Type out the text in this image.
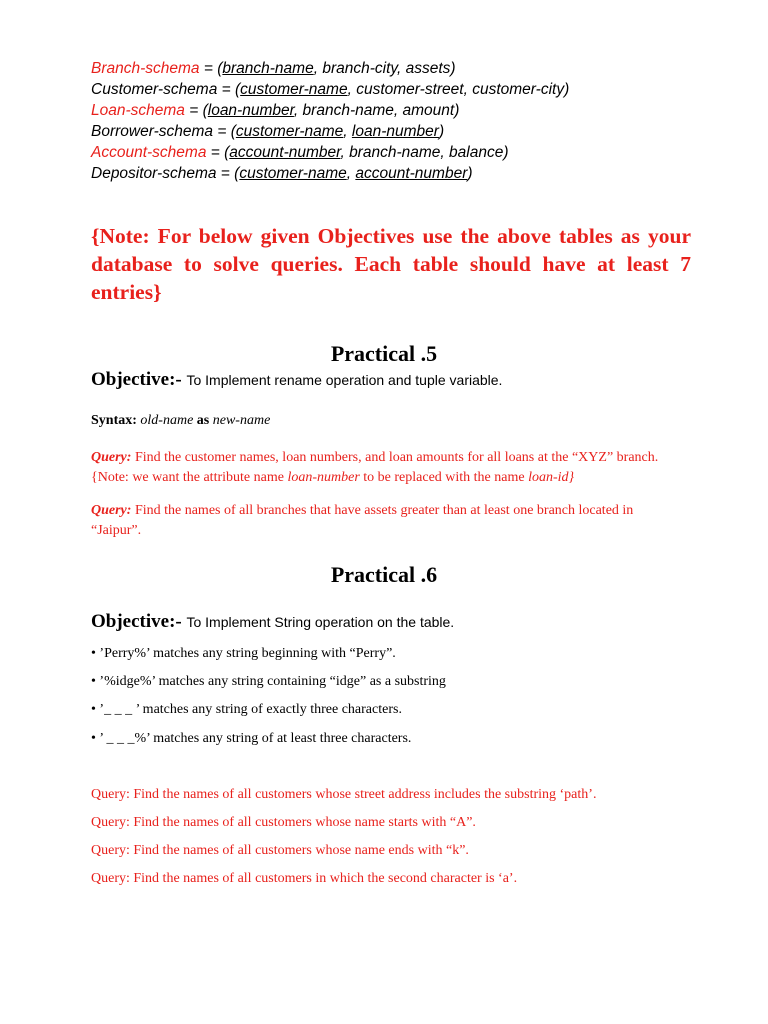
Branch-schema = (branch-name, branch-city, assets)
Customer-schema = (customer-name, customer-street, customer-city)
Loan-schema = (loan-number, branch-name, amount)
Borrower-schema = (customer-name, loan-number)
Account-schema = (account-number, branch-name, balance)
Depositor-schema = (customer-name, account-number)
{Note: For below given Objectives use the above tables as your database to solve queries. Each table should have at least 7 entries}
Practical .5
Objective:- To Implement rename operation and tuple variable.
Syntax: old-name as new-name
Query: Find the customer names, loan numbers, and loan amounts for all loans at the “XYZ” branch. {Note: we want the attribute name loan-number to be replaced with the name loan-id}
Query: Find the names of all branches that have assets greater than at least one branch located in “Jaipur”.
Practical .6
Objective:- To Implement String operation on the table.
• ’Perry%’ matches any string beginning with “Perry”.
• ’%idge%’ matches any string containing “idge” as a substring
• ’_ _ _ ’ matches any string of exactly three characters.
• ’ _ _ _%’ matches any string of at least three characters.
Query: Find the names of all customers whose street address includes the substring ‘path’.
Query: Find the names of all customers whose name starts with “A”.
Query: Find the names of all customers whose name ends with “k”.
Query: Find the names of all customers in which the second character is ‘a’.
